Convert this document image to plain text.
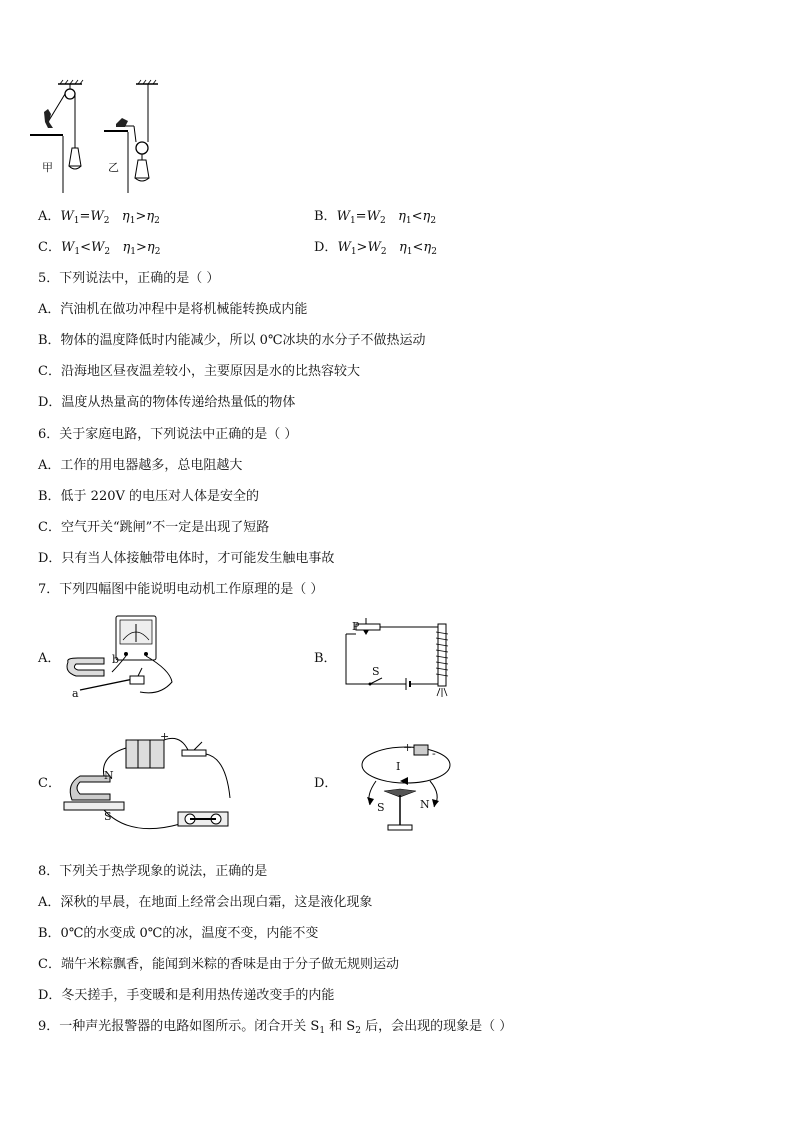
甲	乙
A．$W_1=W_2$ $\eta_1>\eta_2$	B．$W_1=W_2$ $\eta_1<\eta_2$
C．$W_1<W_2$ $\eta_1>\eta_2$	D．$W_1>W_2$ $\eta_1<\eta_2$
5．下列说法中，正确的是（ ）
A．汽油机在做功冲程中是将机械能转换成内能
B．物体的温度降低时内能减少，所以 0℃冰块的水分子不做热运动
C．沿海地区昼夜温差较小，主要原因是水的比热容较大
D．温度从热量高的物体传递给热量低的物体
6．关于家庭电路，下列说法中正确的是（ ）
A．工作的用电器越多，总电阻越大
B．低于 220V 的电压对人体是安全的
C．空气开关“跳闸”不一定是出现了短路
D．只有当人体接触带电体时，才可能发生触电事故
7．下列四幅图中能说明电动机工作原理的是（ ）
A．	b
a
B．
P
S
C．
-	+
N
S
D．
+ -
I
S	N
8．下列关于热学现象的说法，正确的是
A．深秋的早晨，在地面上经常会出现白霜，这是液化现象
B．0℃的水变成 0℃的冰，温度不变，内能不变
C．端午米粽飘香，能闻到米粽的香味是由于分子做无规则运动
D．冬天搓手，手变暖和是利用热传递改变手的内能
9．一种声光报警器的电路如图所示。闭合开关 $S_1$ 和 $S_2$ 后，会出现的现象是（ ）
